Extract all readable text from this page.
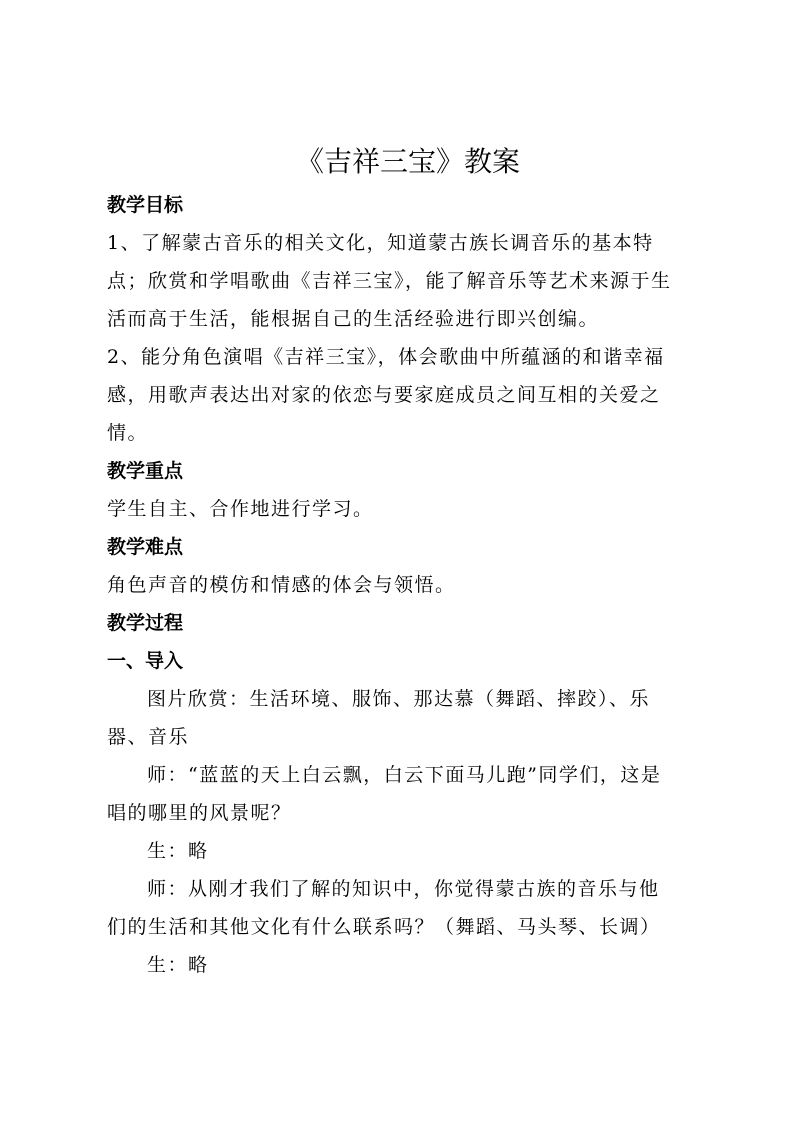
《吉祥三宝》教案
教学目标

1、了解蒙古音乐的相关文化，知道蒙古族长调音乐的基本特点；欣赏和学唱歌曲《吉祥三宝》，能了解音乐等艺术来源于生活而高于生活，能根据自己的生活经验进行即兴创编。

2、能分角色演唱《吉祥三宝》，体会歌曲中所蕴涵的和谐幸福感，用歌声表达出对家的依恋与要家庭成员之间互相的关爱之情。

教学重点

学生自主、合作地进行学习。

教学难点

角色声音的模仿和情感的体会与领悟。

教学过程
一、导入

图片欣赏：生活环境、服饰、那达慕（舞蹈、摔跤）、乐器、音乐

师：“蓝蓝的天上白云飘，白云下面马儿跑”同学们，这是唱的哪里的风景呢？

生：略

师：从刚才我们了解的知识中，你觉得蒙古族的音乐与他们的生活和其他文化有什么联系吗？（舞蹈、马头琴、长调）

生：略
